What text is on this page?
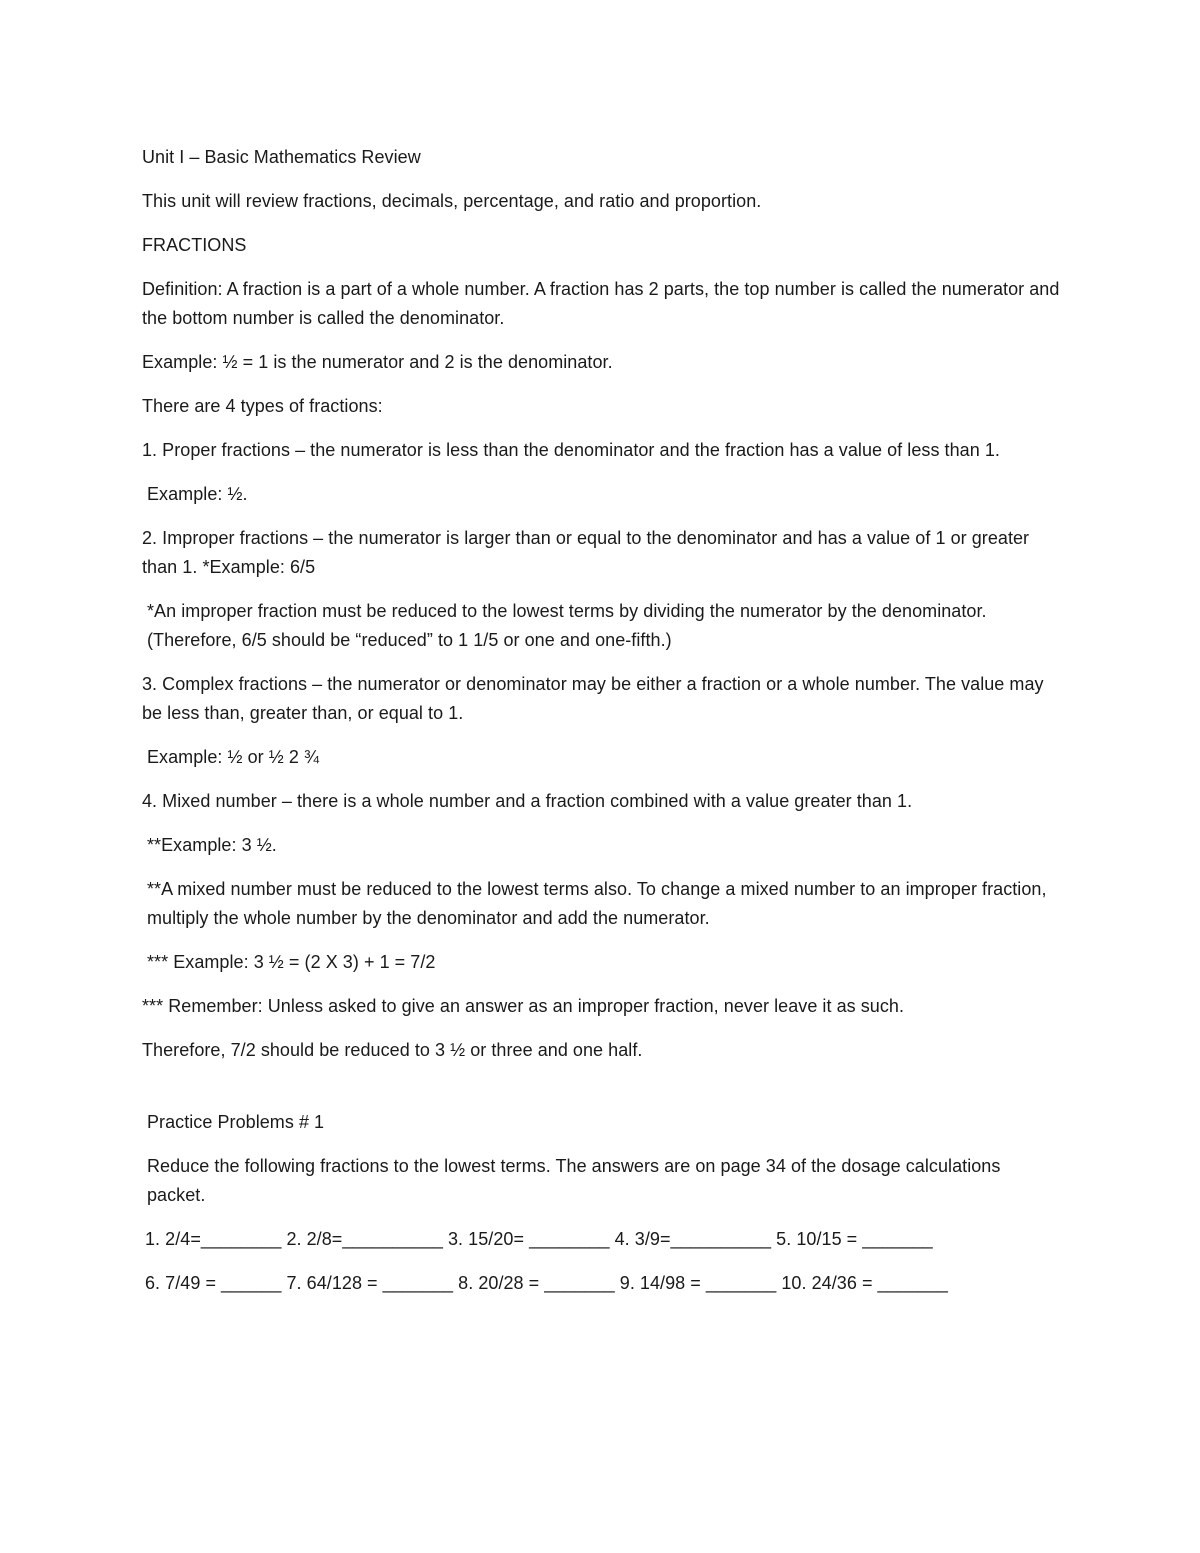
Unit I – Basic Mathematics Review

This unit will review fractions, decimals, percentage, and ratio and proportion.

FRACTIONS

Definition: A fraction is a part of a whole number. A fraction has 2 parts, the top number is called the numerator and the bottom number is called the denominator.

Example: ½ = 1 is the numerator and 2 is the denominator.

There are 4 types of fractions:

1. Proper fractions – the numerator is less than the denominator and the fraction has a value of less than 1.

Example: ½.

2. Improper fractions – the numerator is larger than or equal to the denominator and has a value of 1 or greater than 1. *Example: 6/5

*An improper fraction must be reduced to the lowest terms by dividing the numerator by the denominator. (Therefore, 6/5 should be “reduced” to 1 1/5 or one and one-fifth.)

3. Complex fractions – the numerator or denominator may be either a fraction or a whole number. The value may be less than, greater than, or equal to 1.

Example: ½ or ½ 2 ¾

4. Mixed number – there is a whole number and a fraction combined with a value greater than 1.

**Example: 3 ½.

**A mixed number must be reduced to the lowest terms also. To change a mixed number to an improper fraction, multiply the whole number by the denominator and add the numerator.

*** Example: 3 ½ = (2 X 3) + 1 = 7/2

*** Remember: Unless asked to give an answer as an improper fraction, never leave it as such.

Therefore, 7/2 should be reduced to 3 ½ or three and one half.

Practice Problems # 1

Reduce the following fractions to the lowest terms. The answers are on page 34 of the dosage calculations packet.

1. 2/4=________ 2. 2/8=__________ 3. 15/20= ________ 4. 3/9=__________ 5. 10/15 = _______
6. 7/49 = ______ 7. 64/128 = _______ 8. 20/28 = _______ 9. 14/98 = _______ 10. 24/36 = _______
